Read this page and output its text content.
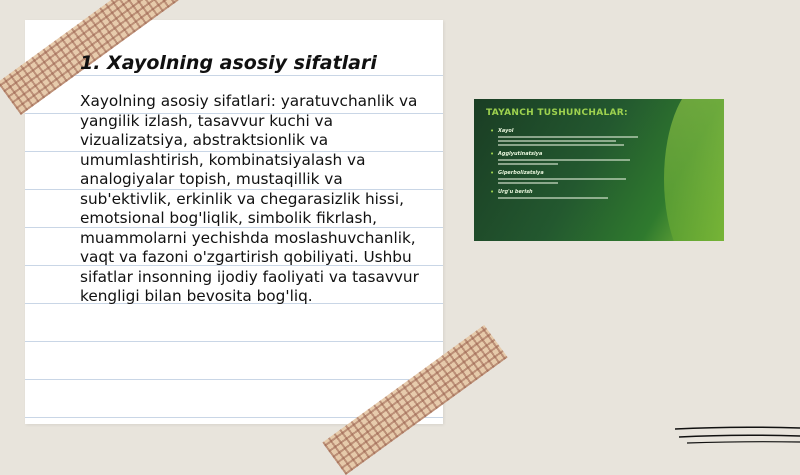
1. Xayolning asosiy sifatlari

Xayolning asosiy sifatlari: yaratuvchanlik va yangilik izlash, tasavvur kuchi va vizualizatsiya, abstraktsionlik va umumlashtirish, kombinatsiyalash va analogiyalar topish, mustaqillik va sub'ektivlik, erkinlik va chegarasizlik hissi, emotsional bog'liqlik, simbolik fikrlash, muammolarni yechishda moslashuvchanlik, vaqt va fazoni o'zgartirish qobiliyati. Ushbu sifatlar insonning ijodiy faoliyati va tasavvur kengligi bilan bevosita bog'liq.

TAYANCH TUSHUNCHALAR:
• Xayol
• Agglyutinatsiya
• Giperbolizatsiya
• Urg'u berish
